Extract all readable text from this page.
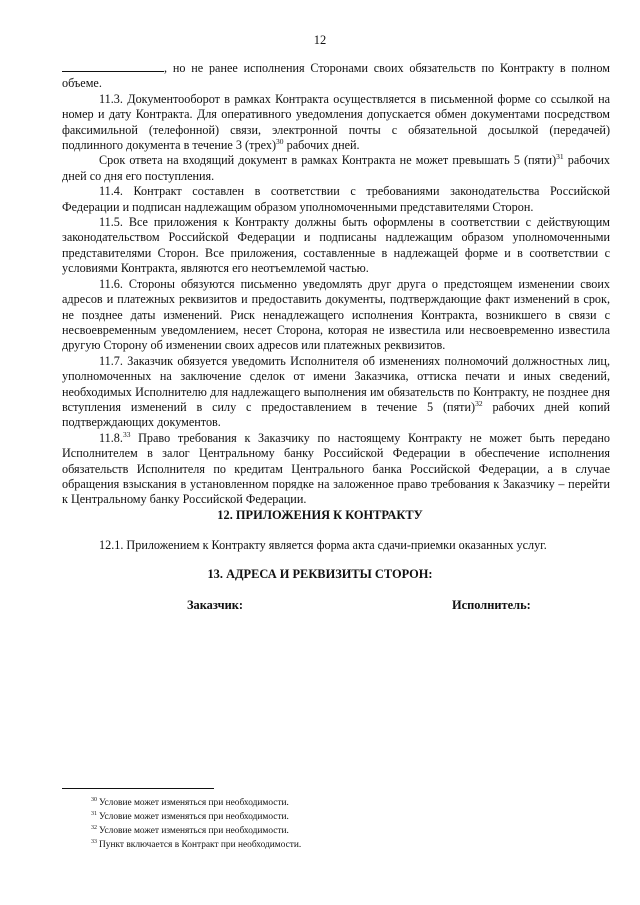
12

, но не ранее исполнения Сторонами своих обязательств по Контракту в полном объеме.

11.3. Документооборот в рамках Контракта осуществляется в письменной форме со ссылкой на номер и дату Контракта. Для оперативного уведомления допускается обмен документами посредством факсимильной (телефонной) связи, электронной почты с обязательной досылкой (передачей) подлинного документа в течение 3 (трех)$^{30}$ рабочих дней.

Срок ответа на входящий документ в рамках Контракта не может превышать 5 (пяти)$^{31}$ рабочих дней со дня его поступления.

11.4. Контракт составлен в соответствии с требованиями законодательства Российской Федерации и подписан надлежащим образом уполномоченными представителями Сторон.

11.5. Все приложения к Контракту должны быть оформлены в соответствии с действующим законодательством Российской Федерации и подписаны надлежащим образом уполномоченными представителями Сторон. Все приложения, составленные в надлежащей форме и в соответствии с условиями Контракта, являются его неотъемлемой частью.

11.6. Стороны обязуются письменно уведомлять друг друга о предстоящем изменении своих адресов и платежных реквизитов и предоставить документы, подтверждающие факт изменений в срок, не позднее даты изменений. Риск ненадлежащего исполнения Контракта, возникшего в связи с несвоевременным уведомлением, несет Сторона, которая не известила или несвоевременно известила другую Сторону об изменении своих адресов или платежных реквизитов.

11.7. Заказчик обязуется уведомить Исполнителя об изменениях полномочий должностных лиц, уполномоченных на заключение сделок от имени Заказчика, оттиска печати и иных сведений, необходимых Исполнителю для надлежащего выполнения им обязательств по Контракту, не позднее дня вступления изменений в силу с предоставлением в течение 5 (пяти)$^{32}$ рабочих дней копий подтверждающих документов.

11.8.33 Право требования к Заказчику по настоящему Контракту не может быть передано Исполнителем в залог Центральному банку Российской Федерации в обеспечение исполнения обязательств Исполнителя по кредитам Центрального банка Российской Федерации, а в случае обращения взыскания в установленном порядке на заложенное право требования к Заказчику – перейти к Центральному банку Российской Федерации.

12. ПРИЛОЖЕНИЯ К КОНТРАКТУ
12.1. Приложением к Контракту является форма акта сдачи-приемки оказанных услуг.
13. АДРЕСА И РЕКВИЗИТЫ СТОРОН:
Заказчик:	Исполнитель:
$^{30}$ Условие может изменяться при необходимости.
$^{31}$ Условие может изменяться при необходимости.
$^{32}$ Условие может изменяться при необходимости.
$^{33}$ Пункт включается в Контракт при необходимости.
